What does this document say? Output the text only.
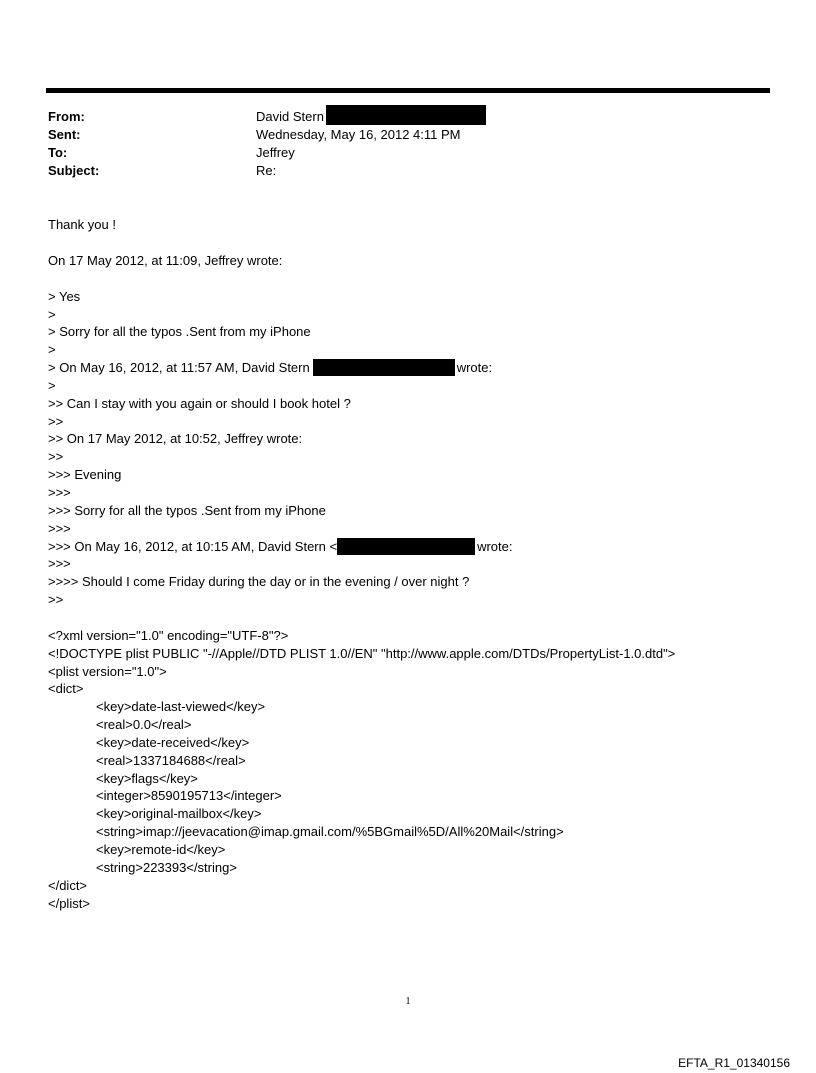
From:	David Stern
Sent:	Wednesday, May 16, 2012 4:11 PM
To:	Jeffrey
Subject:	Re:
Thank you !
On 17 May 2012, at 11:09, Jeffrey wrote:
> Yes
>
> Sorry for all the typos .Sent from my iPhone
>
> On May 16, 2012, at 11:57 AM, David Stern	wrote:
>
>> Can I stay with you again or should I book hotel ?
>>
>> On 17 May 2012, at 10:52, Jeffrey wrote:
>>
>>> Evening
>>>
>>> Sorry for all the typos .Sent from my iPhone
>>>
>>> On May 16, 2012, at 10:15 AM, David Stern <	wrote:
>>>
>>>> Should I come Friday during the day or in the evening / over night ?
>>
<?xml version="1.0" encoding="UTF-8"?>
<!DOCTYPE plist PUBLIC "-//Apple//DTD PLIST 1.0//EN" "http://www.apple.com/DTDs/PropertyList-1.0.dtd">
<plist version="1.0">
<dict>
<key>date-last-viewed</key>
<real>0.0</real>
<key>date-received</key>
<real>1337184688</real>
<key>flags</key>
<integer>8590195713</integer>
<key>original-mailbox</key>
<string>imap://jeevacation@imap.gmail.com/%5BGmail%5D/All%20Mail</string>
<key>remote-id</key>
<string>223393</string>
</dict>
</plist>
1
EFTA_R1_01340156
